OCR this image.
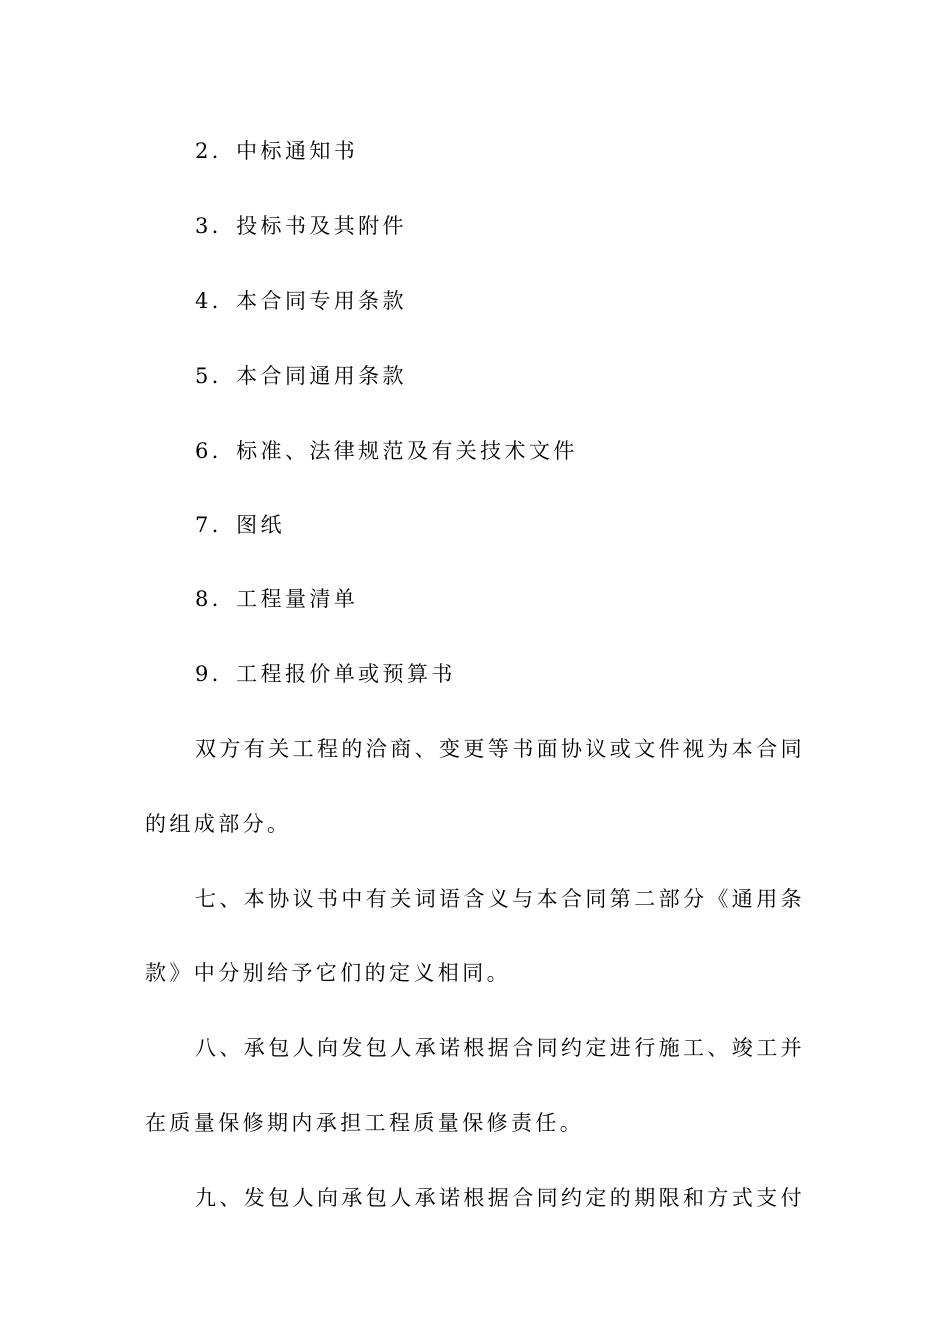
2．中标通知书
3．投标书及其附件
4．本合同专用条款
5．本合同通用条款
6．标准、法律规范及有关技术文件
7．图纸
8．工程量清单
9．工程报价单或预算书
双方有关工程的洽商、变更等书面协议或文件视为本合同
的组成部分。
七、本协议书中有关词语含义与本合同第二部分《通用条
款》中分别给予它们的定义相同。
八、承包人向发包人承诺根据合同约定进行施工、竣工并
在质量保修期内承担工程质量保修责任。
九、发包人向承包人承诺根据合同约定的期限和方式支付
